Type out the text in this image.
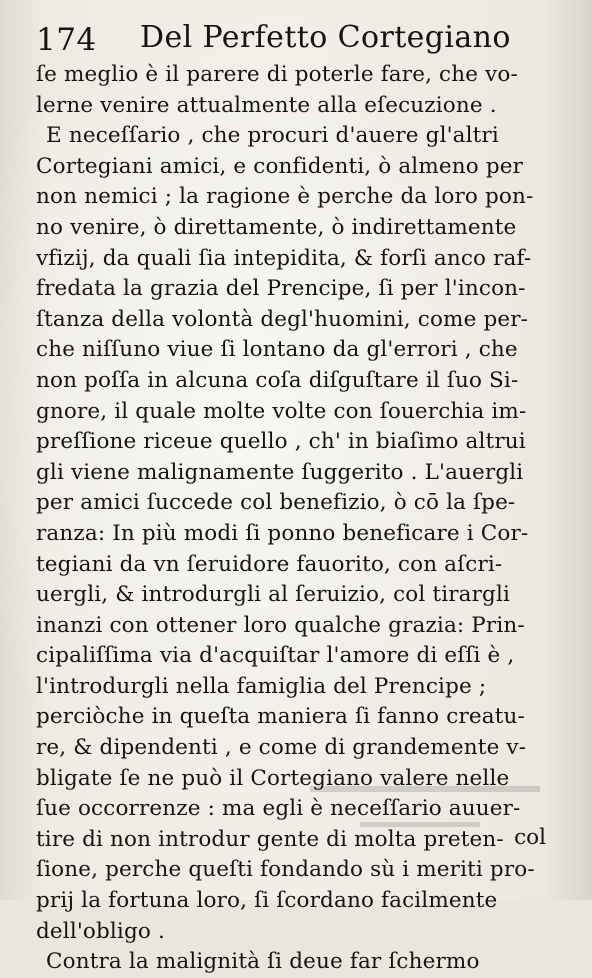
174 Del Perfetto Cortegiano
ſe meglio è il parere di poterle fare, che vo-
lerne venire attualmente alla eſecuzione .
E neceſſario , che procuri d'auere gl'altri
Cortegiani amici, e confidenti, ò almeno per
non nemici ; la ragione è perche da loro pon-
no venire, ò direttamente, ò indirettamente
vfizij, da quali ſia intepidita, & forſi anco raf-
fredata la grazia del Prencipe, ſi per l'incon-
ſtanza della volontà degl'huomini, come per-
che niſſuno viue ſi lontano da gl'errori , che
non poſſa in alcuna coſa diſguſtare il ſuo Si-
gnore, il quale molte volte con ſouerchia im-
preſſione riceue quello , ch' in biaſimo altrui
gli viene malignamente ſuggerito . L'auergli
per amici ſuccede col benefizio, ò cō la ſpe-
ranza: In più modi ſi ponno beneficare i Cor-
tegiani da vn ſeruidore fauorito, con aſcri-
uergli, & introdurgli al ſeruizio, col tirargli
inanzi con ottener loro qualche grazia: Prin-
cipaliſſima via d'acquiſtar l'amore di eſſi è ,
l'introdurgli nella famiglia del Prencipe ;
perciòche in queſta maniera ſi fanno creatu-
re, & dipendenti , e come di grandemente v-
bligate ſe ne può il Cortegiano valere nelle
ſue occorrenze : ma egli è neceſſario auuer-
tire di non introdur gente di molta preten-
ſione, perche queſti fondando sù i meriti pro-
prij la fortuna loro, ſi ſcordano facilmente
dell'obligo .
Contra la malignità ſi deue far ſchermo
col
